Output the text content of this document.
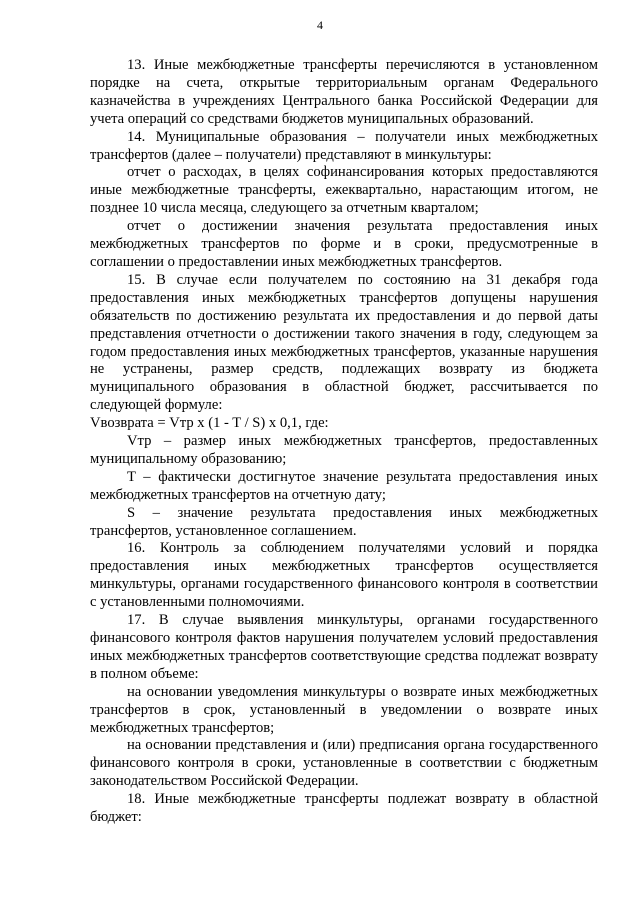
4

13. Иные межбюджетные трансферты перечисляются в установленном порядке на счета, открытые территориальным органам Федерального казначейства в учреждениях Центрального банка Российской Федерации для учета операций со средствами бюджетов муниципальных образований.

14. Муниципальные образования – получатели иных межбюджетных трансфертов (далее – получатели) представляют в минкультуры:

отчет о расходах, в целях софинансирования которых предоставляются иные межбюджетные трансферты, ежеквартально, нарастающим итогом, не позднее 10 числа месяца, следующего за отчетным кварталом;

отчет о достижении значения результата предоставления иных межбюджетных трансфертов по форме и в сроки, предусмотренные в соглашении о предоставлении иных межбюджетных трансфертов.

15. В случае если получателем по состоянию на 31 декабря года предоставления иных межбюджетных трансфертов допущены нарушения обязательств по достижению результата их предоставления и до первой даты представления отчетности о достижении такого значения в году, следующем за годом предоставления иных межбюджетных трансфертов, указанные нарушения не устранены, размер средств, подлежащих возврату из бюджета муниципального образования в областной бюджет, рассчитывается по следующей формуле:

Vвозврата = Vтр x (1 - T / S) x 0,1, где:

Vтр – размер иных межбюджетных трансфертов, предоставленных муниципальному образованию;

T – фактически достигнутое значение результата предоставления иных межбюджетных трансфертов на отчетную дату;

S – значение результата предоставления иных межбюджетных трансфертов, установленное соглашением.

16. Контроль за соблюдением получателями условий и порядка предоставления иных межбюджетных трансфертов осуществляется минкультуры, органами государственного финансового контроля в соответствии с установленными полномочиями.

17. В случае выявления минкультуры, органами государственного финансового контроля фактов нарушения получателем условий предоставления иных межбюджетных трансфертов соответствующие средства подлежат возврату в полном объеме:

на основании уведомления минкультуры о возврате иных межбюджетных трансфертов в срок, установленный в уведомлении о возврате иных межбюджетных трансфертов;

на основании представления и (или) предписания органа государственного финансового контроля в сроки, установленные в соответствии с бюджетным законодательством Российской Федерации.

18. Иные межбюджетные трансферты подлежат возврату в областной бюджет:
